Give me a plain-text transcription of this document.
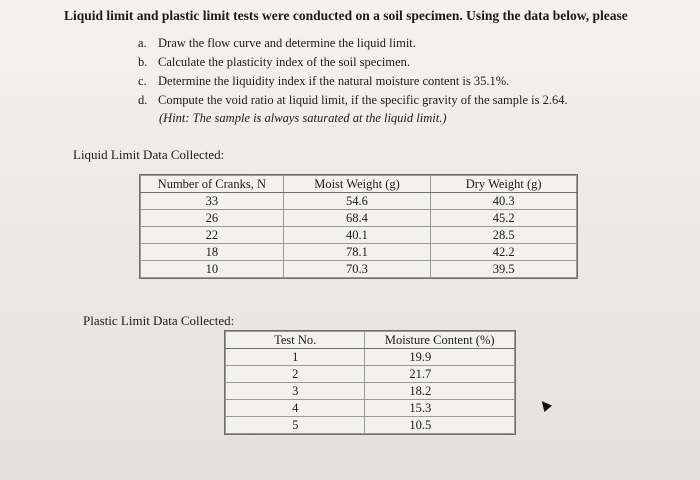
Liquid limit and plastic limit tests were conducted on a soil specimen. Using the data below, please
a. Draw the flow curve and determine the liquid limit.
b. Calculate the plasticity index of the soil specimen.
c. Determine the liquidity index if the natural moisture content is 35.1%.
d. Compute the void ratio at liquid limit, if the specific gravity of the sample is 2.64.
(Hint: The sample is always saturated at the liquid limit.)
Liquid Limit Data Collected:
Number of Cranks, N	Moist Weight (g)	Dry Weight (g)
33	54.6	40.3
26	68.4	45.2
22	40.1	28.5
18	78.1	42.2
10	70.3	39.5
Plastic Limit Data Collected:
Test No.	Moisture Content (%)
1	19.9
2	21.7
3	18.2
4	15.3
5	10.5
